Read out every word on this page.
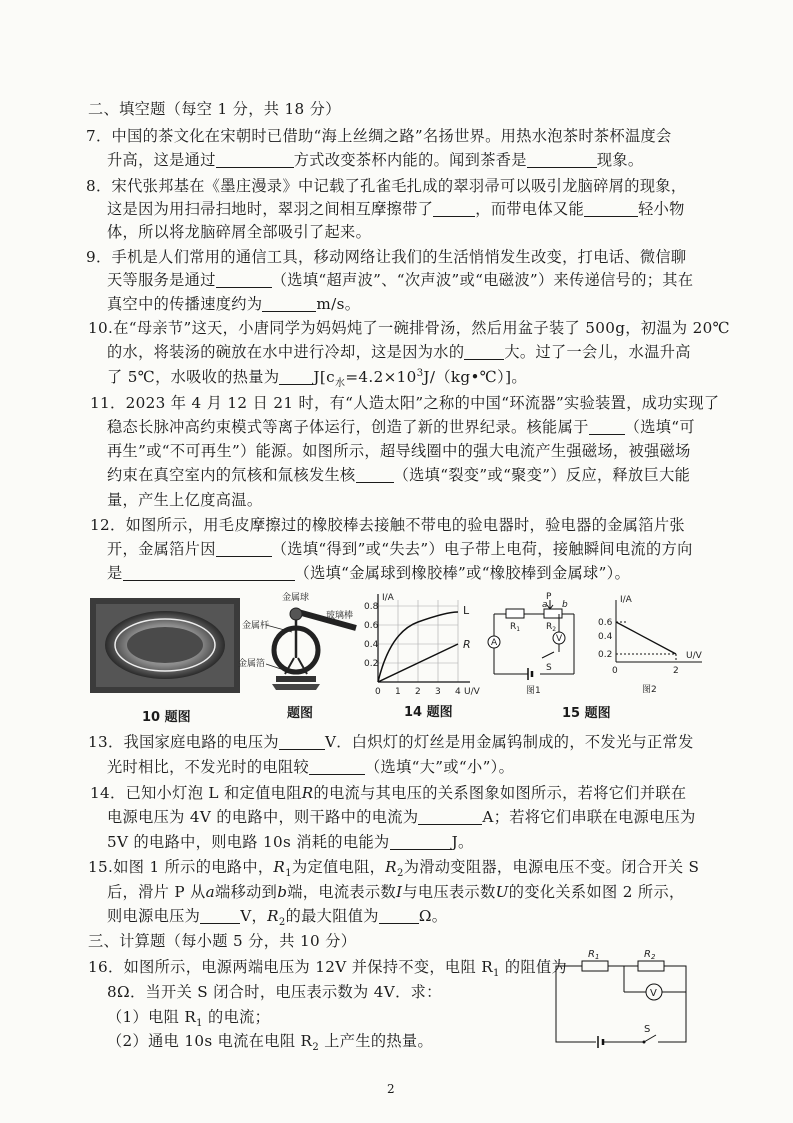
二、填空题（每空 1 分，共 18 分）
7．中国的茶文化在宋朝时已借助“海上丝绸之路”名扬世界。用热水泡茶时茶杯温度会
升高，这是通过	方式改变茶杯内能的。闻到茶香是	现象。
8．宋代张邦基在《墨庄漫录》中记载了孔雀毛扎成的翠羽帚可以吸引龙脑碎屑的现象，
这是因为用扫帚扫地时，翠羽之间相互摩擦带了	，而带电体又能	轻小物
体，所以将龙脑碎屑全部吸引了起来。
9．手机是人们常用的通信工具，移动网络让我们的生活悄悄发生改变，打电话、微信聊
天等服务是通过	（选填“超声波”、“次声波”或“电磁波”）来传递信号的；其在
真空中的传播速度约为	m/s。
10.在“母亲节”这天，小唐同学为妈妈炖了一碗排骨汤，然后用盆子装了 500g，初温为 20℃
的水，将装汤的碗放在水中进行冷却，这是因为水的	大。过了一会儿，水温升高
了 5℃，水吸收的热量为 $J[c_水=4.2\times 10^3J/(kg•℃)]$。
11．2023 年 4 月 12 日 21 时，有“人造太阳”之称的中国“环流器”实验装置，成功实现了
稳态长脉冲高约束模式等离子体运行，创造了新的世界纪录。核能属于 （选填“可
再生”或“不可再生”）能源。如图所示，超导线圈中的强大电流产生强磁场，被强磁场
约束在真空室内的氘核和氚核发生核	（选填“裂变”或“聚变”）反应，释放巨大能
量，产生上亿度高温。
12．如图所示，用毛皮摩擦过的橡胶棒去接触不带电的验电器时，验电器的金属箔片张
开，金属箔片因	（选填“得到”或“失去”）电子带上电荷，接触瞬间电流的方向
是	（选填“金属球到橡胶棒”或“橡胶棒到金属球”）。
10 题图
金属球
金属杆
玻璃棒
金属箔
题图
I/A
0.8
0.6
0.4
0.2
0 1 2 3 4 U/V
L
R
14 题图
P
a b
$R_1$	$R_2$
A	V
S
图1
I/A
0.6
0.4
0.2
0	2
U/V
图2
15 题图
13．我国家庭电路的电压为	V．白炽灯的灯丝是用金属钨制成的，不发光与正常发
光时相比，不发光时的电阻较	（选填“大”或“小”）。
14．已知小灯泡 L 和定值电阻R的电流与其电压的关系图象如图所示，若将它们并联在
电源电压为 4V 的电路中，则干路中的电流为	A；若将它们串联在电源电压为
5V 的电路中，则电路 10s 消耗的电能为	J。
15.如图 1 所示的电路中，$R_1$为定值电阻，$R_2$为滑动变阻器，电源电压不变。闭合开关 S
后，滑片 P 从a端移动到b端，电流表示数I与电压表示数U的变化关系如图 2 所示，
则电源电压为	V，$R_2$的最大阻值为	Ω。
三、计算题（每小题 5 分，共 10 分）
16．如图所示，电源两端电压为 12V 并保持不变，电阻 $R_1$ 的阻值为
8Ω．当开关 S 闭合时，电压表示数为 4V．求：
（1）电阻 $R_1$ 的电流；
（2）通电 10s 电流在电阻 $R_2$ 上产生的热量。
$R_1$	$R_2$
V
S
2
